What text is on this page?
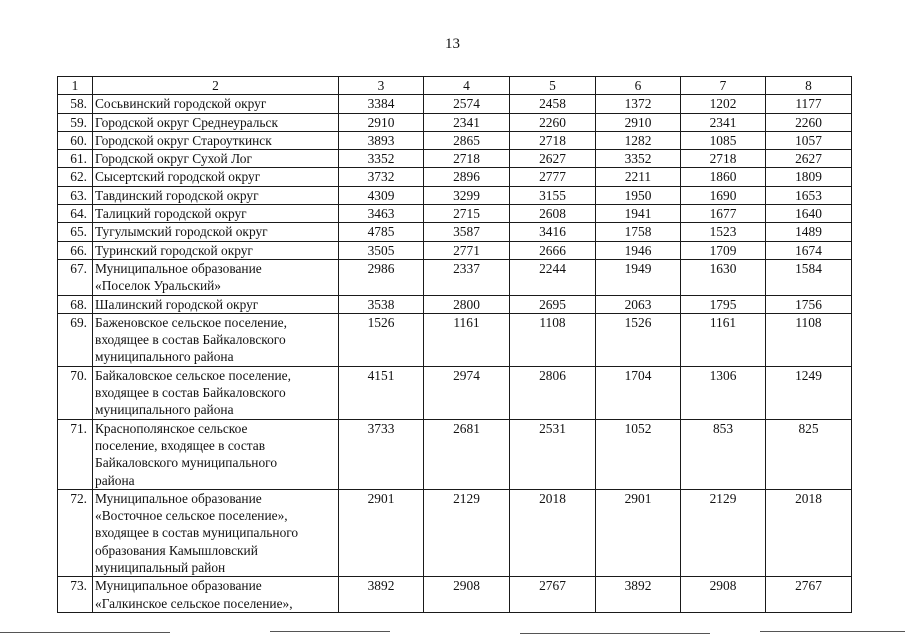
13
1	2	3	4	5	6	7	8
58.	Сосьвинский городской округ	3384	2574	2458	1372	1202	1177
59.	Городской округ Среднеуральск	2910	2341	2260	2910	2341	2260
60.	Городской округ Староуткинск	3893	2865	2718	1282	1085	1057
61.	Городской округ Сухой Лог	3352	2718	2627	3352	2718	2627
62.	Сысертский городской округ	3732	2896	2777	2211	1860	1809
63.	Тавдинский городской округ	4309	3299	3155	1950	1690	1653
64.	Талицкий городской округ	3463	2715	2608	1941	1677	1640
65.	Тугулымский городской округ	4785	3587	3416	1758	1523	1489
66.	Туринский городской округ	3505	2771	2666	1946	1709	1674
67.	Муниципальное образование
«Поселок Уральский»	2986	2337	2244	1949	1630	1584
68.	Шалинский городской округ	3538	2800	2695	2063	1795	1756
69.	Баженовское сельское поселение,
входящее в состав Байкаловского
муниципального района	1526	1161	1108	1526	1161	1108
70.	Байкаловское сельское поселение,
входящее в состав Байкаловского
муниципального района	4151	2974	2806	1704	1306	1249
71.	Краснополянское сельское
поселение, входящее в состав
Байкаловского муниципального
района	3733	2681	2531	1052	853	825
72.	Муниципальное образование
«Восточное сельское поселение»,
входящее в состав муниципального
образования Камышловский
муниципальный район	2901	2129	2018	2901	2129	2018
73.	Муниципальное образование
«Галкинское сельское поселение»,	3892	2908	2767	3892	2908	2767
